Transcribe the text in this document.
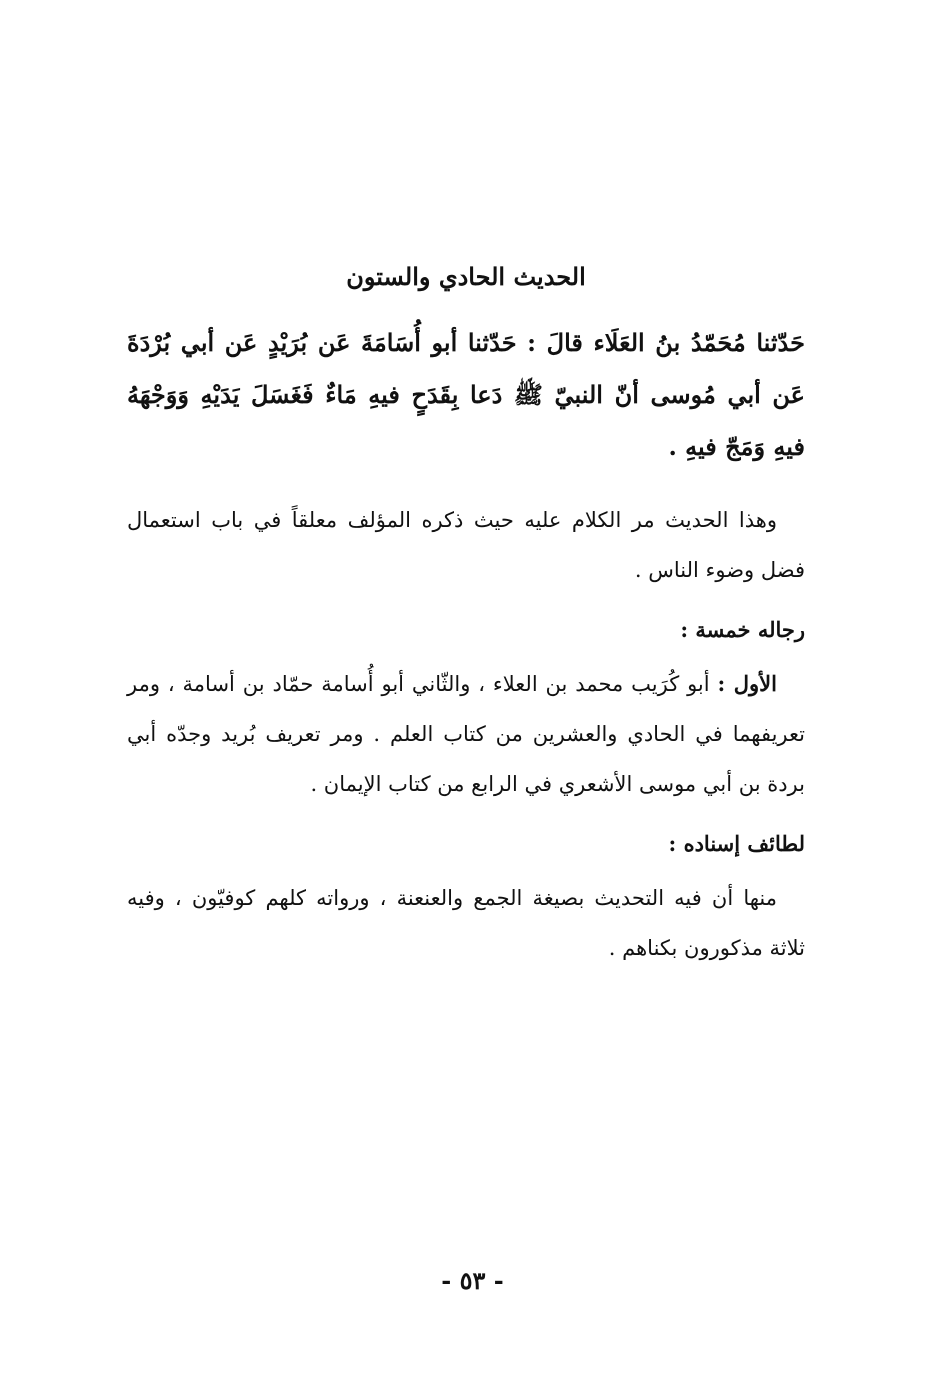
الحديث الحادي والستون

حَدّثنا مُحَمّدُ بنُ العَلَاء قالَ : حَدّثنا أبو أُسَامَةَ عَن بُرَيْدٍ عَن أبي بُرْدَةَ عَن أبي مُوسى أنّ النبيّ ﷺ دَعا بِقَدَحٍ فيهِ مَاءٌ فَغَسَلَ يَدَيْهِ وَوَجْهَهُ فيهِ وَمَجّ فيهِ .

وهذا الحديث مر الكلام عليه حيث ذكره المؤلف معلقاً في باب استعمال فضل وضوء الناس .

رجاله خمسة :

الأول : أبو كُرَيب محمد بن العلاء ، والثّاني أبو أُسامة حمّاد بن أسامة ، ومر تعريفهما في الحادي والعشرين من كتاب العلم . ومر تعريف بُريد وجدّه أبي بردة بن أبي موسى الأشعري في الرابع من كتاب الإيمان .

لطائف إسناده :

منها أن فيه التحديث بصيغة الجمع والعنعنة ، ورواته كلهم كوفيّون ، وفيه ثلاثة مذكورون بكناهم .

- ٥٣ -
